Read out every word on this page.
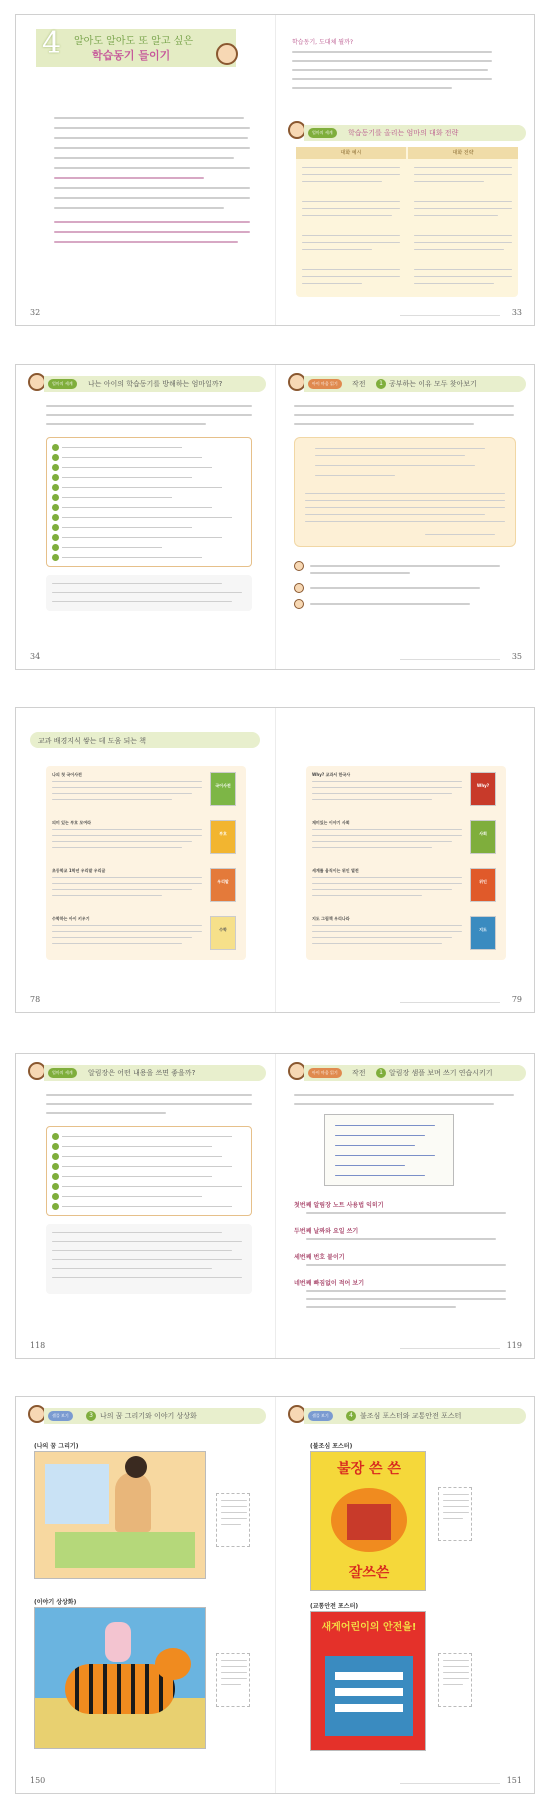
4 알아도 알아도 또 알고 싶은
학습동기 들이기
32
학습동기, 도대체 뭘까?
엄마의 세계	학습동기를 올리는 엄마의 대화 전략
대화 예시	대화 전략
33
엄마의 세계	나는 아이의 학습동기를 방해하는 엄마일까?
34
아이 마음 읽기	작전	1 공부하는 이유 모두 찾아보기
35
교과 배경지식 쌓는 데 도움 되는 책
나의 첫 국어사전
국어사전
의미 있는 부호 모여라
부호
초등학교 1학년 우리말 우리글
우리말
수학하는 아이 키우기
수학
78
Why? 교과서 한국사
Why?
재미있는 이야기 사회
사회
세계를 움직이는 위인 열전
위인
지도 그림책 우리나라
지도
79
엄마의 세계	알림장은 어떤 내용을 쓰면 좋을까?
118
아이 마음 읽기	작전	1 알림장 샘플 보며 쓰기 연습시키기
첫번째 알림장 노트 사용법 익히기
두번째 날짜와 요일 쓰기
세번째 번호 붙이기
네번째 빠짐없이 적어 보기
119
샘플 보기	3	나의 꿈 그리기와 이야기 상상화
(나의 꿈 그리기)
(이야기 상상화)
150
샘플 보기	4	불조심 포스터와 교통안전 포스터
(불조심 포스터)
불장 쓴 쓴
잘쓰쓴
(교통안전 포스터)
새게어린이의 안전을!
151
